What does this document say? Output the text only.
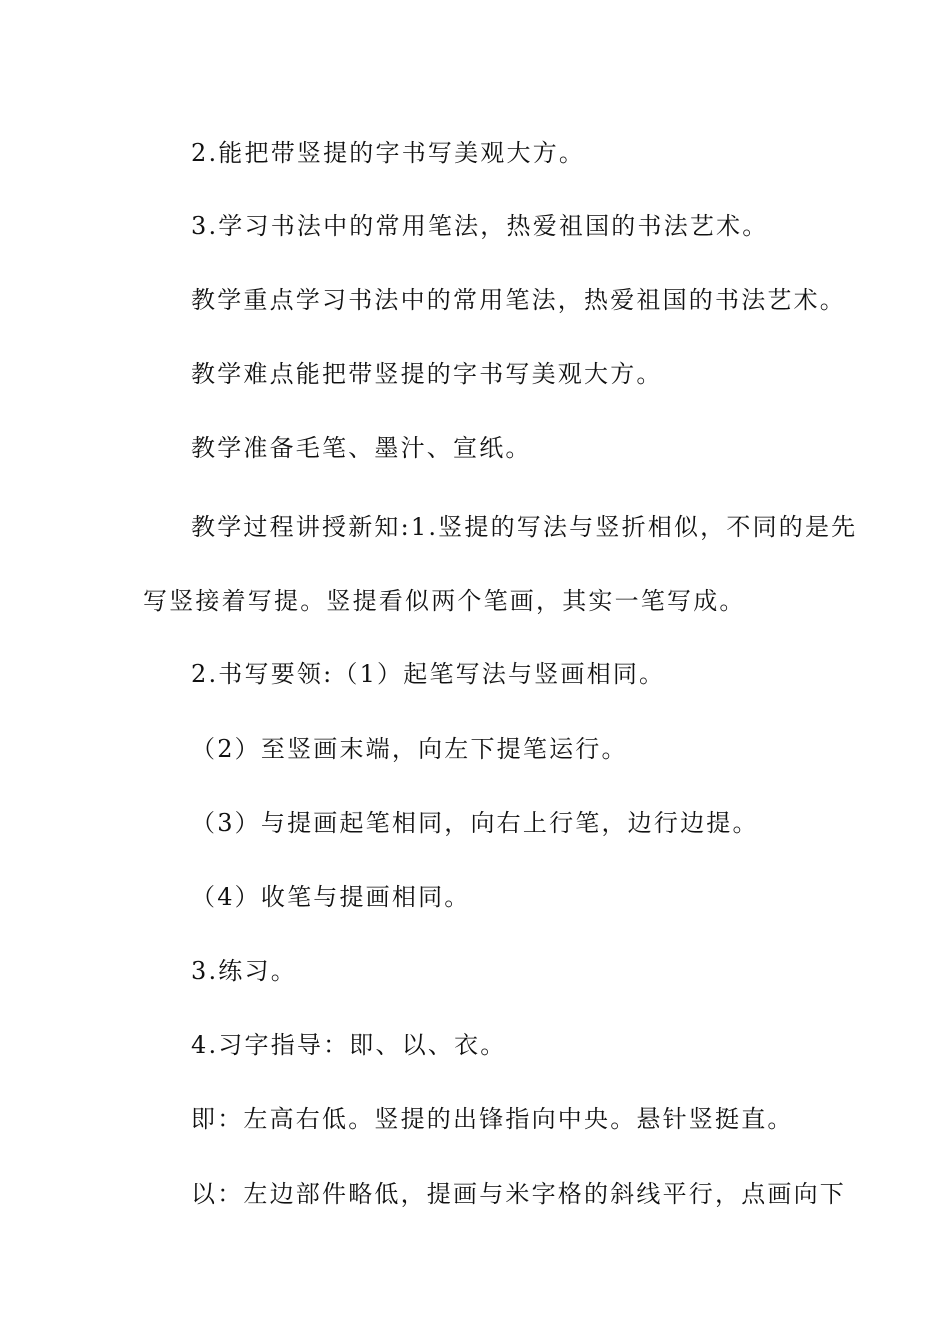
2.能把带竖提的字书写美观大方。
3.学习书法中的常用笔法，热爱祖国的书法艺术。
教学重点学习书法中的常用笔法，热爱祖国的书法艺术。
教学难点能把带竖提的字书写美观大方。
教学准备毛笔、墨汁、宣纸。
教学过程讲授新知:1.竖提的写法与竖折相似，不同的是先
写竖接着写提。竖提看似两个笔画，其实一笔写成。
2.书写要领:（1）起笔写法与竖画相同。
（2）至竖画末端，向左下提笔运行。
（3）与提画起笔相同，向右上行笔，边行边提。
（4）收笔与提画相同。
3.练习。
4.习字指导：即、以、衣。
即：左高右低。竖提的出锋指向中央。悬针竖挺直。
以：左边部件略低，提画与米字格的斜线平行，点画向下
